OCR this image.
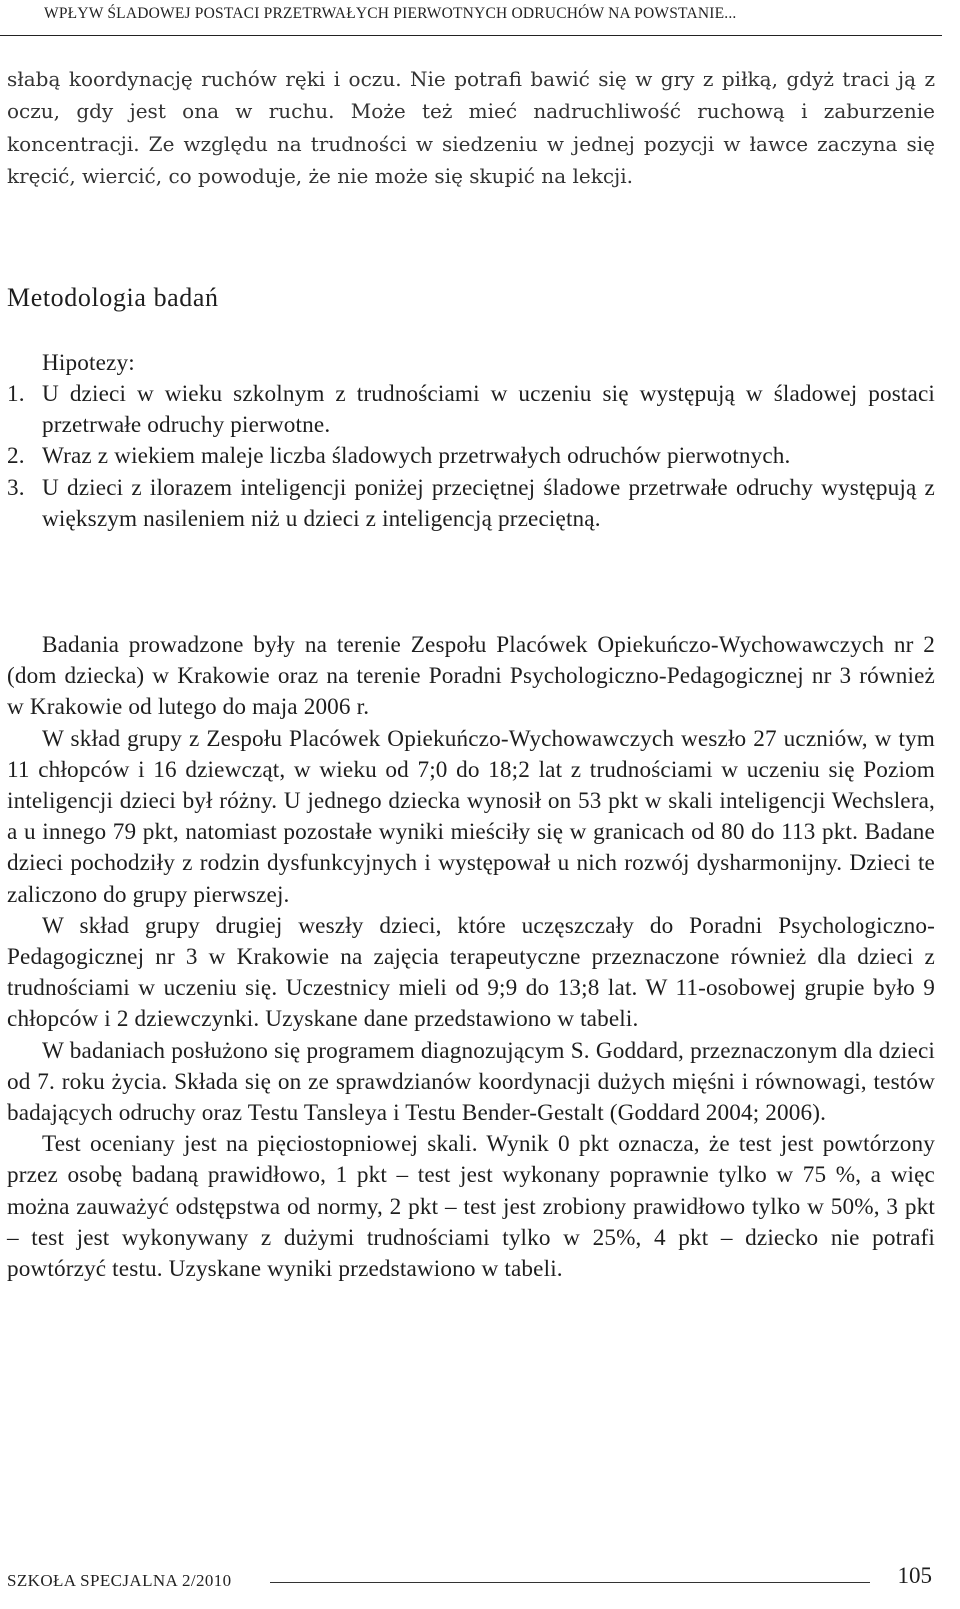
WPŁYW ŚLADOWEJ POSTACI PRZETRWAŁYCH PIERWOTNYCH ODRUCHÓW NA POWSTANIE...

słabą koordynację ruchów ręki i oczu. Nie potrafi bawić się w gry z piłką, gdyż traci ją z oczu, gdy jest ona w ruchu. Może też mieć nadruchliwość ruchową i zaburzenie koncentracji. Ze względu na trudności w siedzeniu w jednej pozycji w ławce zaczyna się kręcić, wiercić, co powoduje, że nie może się skupić na lekcji.

Metodologia badań
Hipotezy:
1. U dzieci w wieku szkolnym z trudnościami w uczeniu się występują w śladowej postaci przetrwałe odruchy pierwotne.
2. Wraz z wiekiem maleje liczba śladowych przetrwałych odruchów pierwotnych.
3. U dzieci z ilorazem inteligencji poniżej przeciętnej śladowe przetrwałe odruchy występują z większym nasileniem niż u dzieci z inteligencją przeciętną.

Badania prowadzone były na terenie Zespołu Placówek Opiekuńczo-Wychowawczych nr 2 (dom dziecka) w Krakowie oraz na terenie Poradni Psychologiczno-Pedagogicznej nr 3 również w Krakowie od lutego do maja 2006 r.

W skład grupy z Zespołu Placówek Opiekuńczo-Wychowawczych weszło 27 uczniów, w tym 11 chłopców i 16 dziewcząt, w wieku od 7;0 do 18;2 lat z trudnościami w uczeniu się Poziom inteligencji dzieci był różny. U jednego dziecka wynosił on 53 pkt w skali inteligencji Wechslera, a u innego 79 pkt, natomiast pozostałe wyniki mieściły się w granicach od 80 do 113 pkt. Badane dzieci pochodziły z rodzin dysfunkcyjnych i występował u nich rozwój dysharmonijny. Dzieci te zaliczono do grupy pierwszej.

W skład grupy drugiej weszły dzieci, które uczęszczały do Poradni Psychologiczno-Pedagogicznej nr 3 w Krakowie na zajęcia terapeutyczne przeznaczone również dla dzieci z trudnościami w uczeniu się. Uczestnicy mieli od 9;9 do 13;8 lat. W 11-osobowej grupie było 9 chłopców i 2 dziewczynki. Uzyskane dane przedstawiono w tabeli.

W badaniach posłużono się programem diagnozującym S. Goddard, przeznaczonym dla dzieci od 7. roku życia. Składa się on ze sprawdzianów koordynacji dużych mięśni i równowagi, testów badających odruchy oraz Testu Tansleya i Testu Bender-Gestalt (Goddard 2004; 2006).

Test oceniany jest na pięciostopniowej skali. Wynik 0 pkt oznacza, że test jest powtórzony przez osobę badaną prawidłowo, 1 pkt – test jest wykonany poprawnie tylko w 75 %, a więc można zauważyć odstępstwa od normy, 2 pkt – test jest zrobiony prawidłowo tylko w 50%, 3 pkt – test jest wykonywany z dużymi trudnościami tylko w 25%, 4 pkt – dziecko nie potrafi powtórzyć testu. Uzyskane wyniki przedstawiono w tabeli.

SZKOŁA SPECJALNA 2/2010	105
